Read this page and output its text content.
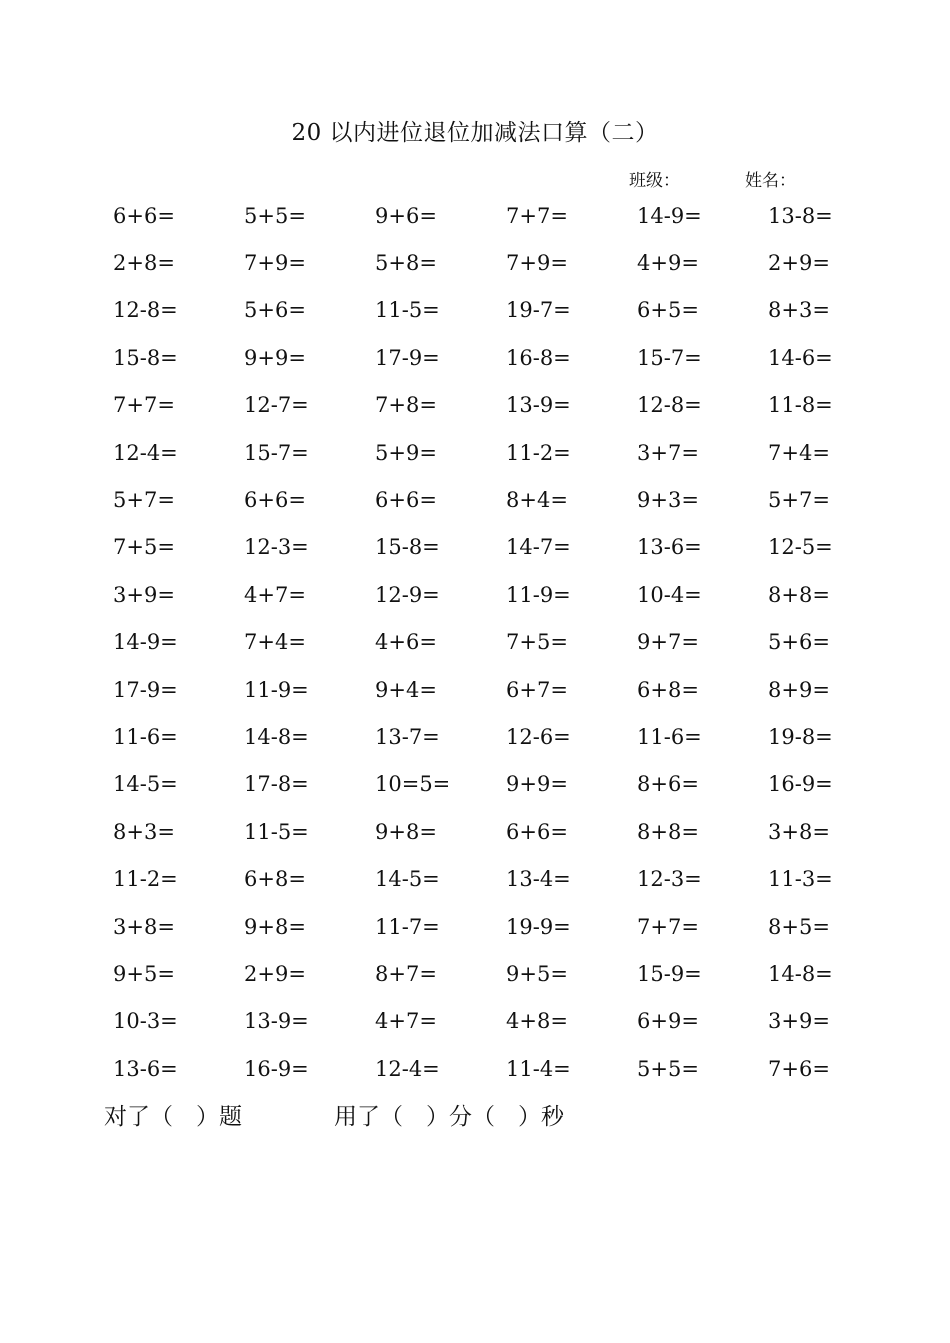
20 以内进位退位加减法口算（二）
班级：	姓名：
6+6=	5+5=	9+6=	7+7=	14-9=	13-8=
2+8=	7+9=	5+8=	7+9=	4+9=	2+9=
12-8=	5+6=	11-5=	19-7=	6+5=	8+3=
15-8=	9+9=	17-9=	16-8=	15-7=	14-6=
7+7=	12-7=	7+8=	13-9=	12-8=	11-8=
12-4=	15-7=	5+9=	11-2=	3+7=	7+4=
5+7=	6+6=	6+6=	8+4=	9+3=	5+7=
7+5=	12-3=	15-8=	14-7=	13-6=	12-5=
3+9=	4+7=	12-9=	11-9=	10-4=	8+8=
14-9=	7+4=	4+6=	7+5=	9+7=	5+6=
17-9=	11-9=	9+4=	6+7=	6+8=	8+9=
11-6=	14-8=	13-7=	12-6=	11-6=	19-8=
14-5=	17-8=	10=5=	9+9=	8+6=	16-9=
8+3=	11-5=	9+8=	6+6=	8+8=	3+8=
11-2=	6+8=	14-5=	13-4=	12-3=	11-3=
3+8=	9+8=	11-7=	19-9=	7+7=	8+5=
9+5=	2+9=	8+7=	9+5=	15-9=	14-8=
10-3=	13-9=	4+7=	4+8=	6+9=	3+9=
13-6=	16-9=	12-4=	11-4=	5+5=	7+6=
对了（　）题	用了（　）分（　）秒
